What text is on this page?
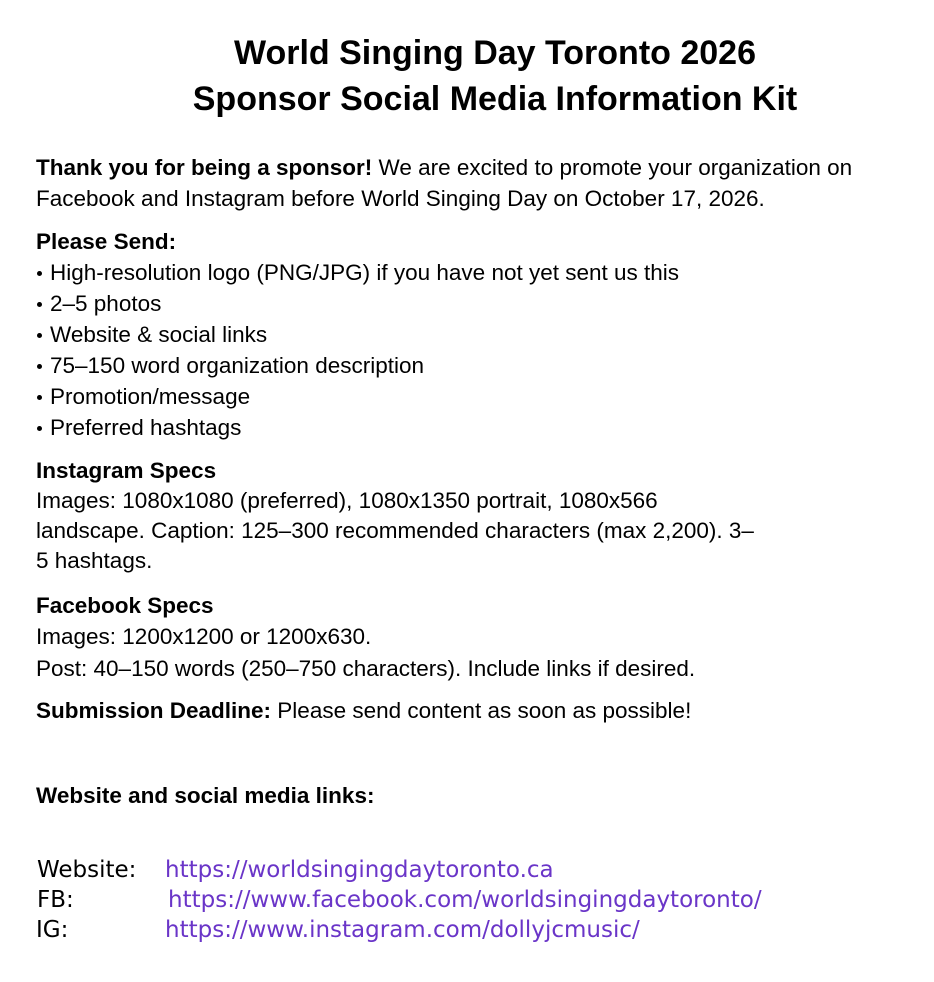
World Singing Day Toronto 2026
Sponsor Social Media Information Kit

Thank you for being a sponsor! We are excited to promote your organization on Facebook and Instagram before World Singing Day on October 17, 2026.

Please Send:

High-resolution logo (PNG/JPG) if you have not yet sent us this
2–5 photos
Website & social links
75–150 word organization description
Promotion/message
Preferred hashtags

Instagram Specs

Images: 1080x1080 (preferred), 1080x1350 portrait, 1080x566 landscape. Caption: 125–300 recommended characters (max 2,200). 3–5 hashtags.

Facebook Specs

Images: 1200x1200 or 1200x630.
Post: 40–150 words (250–750 characters). Include links if desired.

Submission Deadline: Please send content as soon as possible!

Website and social media links:

Website: https://worldsingingdaytoronto.ca
FB:	https://www.facebook.com/worldsingingdaytoronto/
IG:	https://www.instagram.com/dollyjcmusic/
